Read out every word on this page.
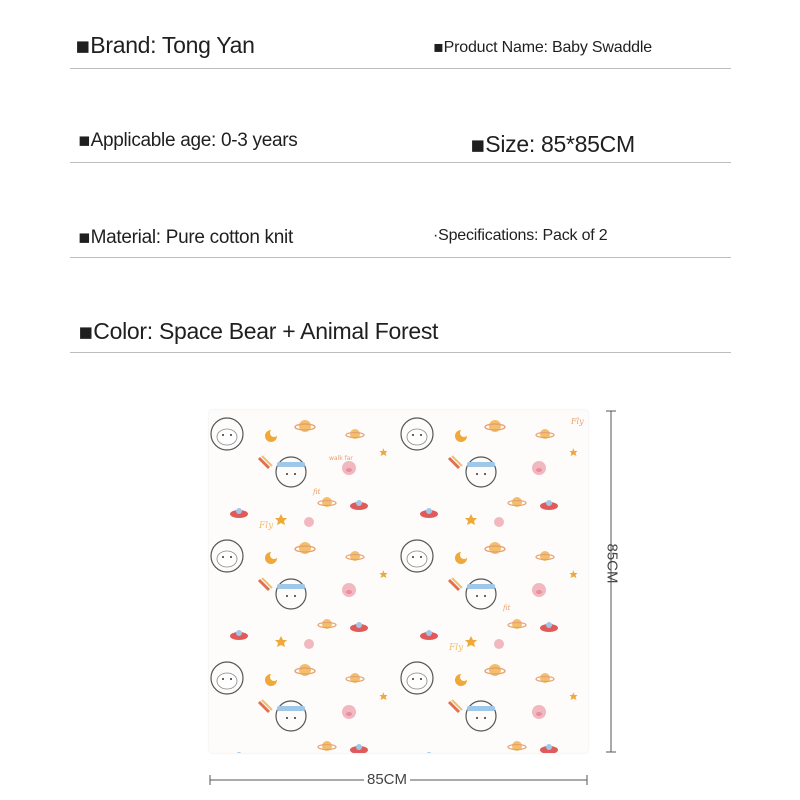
▪Brand: Tong Yan	▪Product Name: Baby Swaddle
▪Applicable age: 0-3 years	▪Size: 85*85CM
▪Material: Pure cotton knit	·Specifications: Pack of 2
▪Color: Space Bear + Animal Forest
Fly
Fly
Fly
walk far
fit
fit
85CM
85CM
